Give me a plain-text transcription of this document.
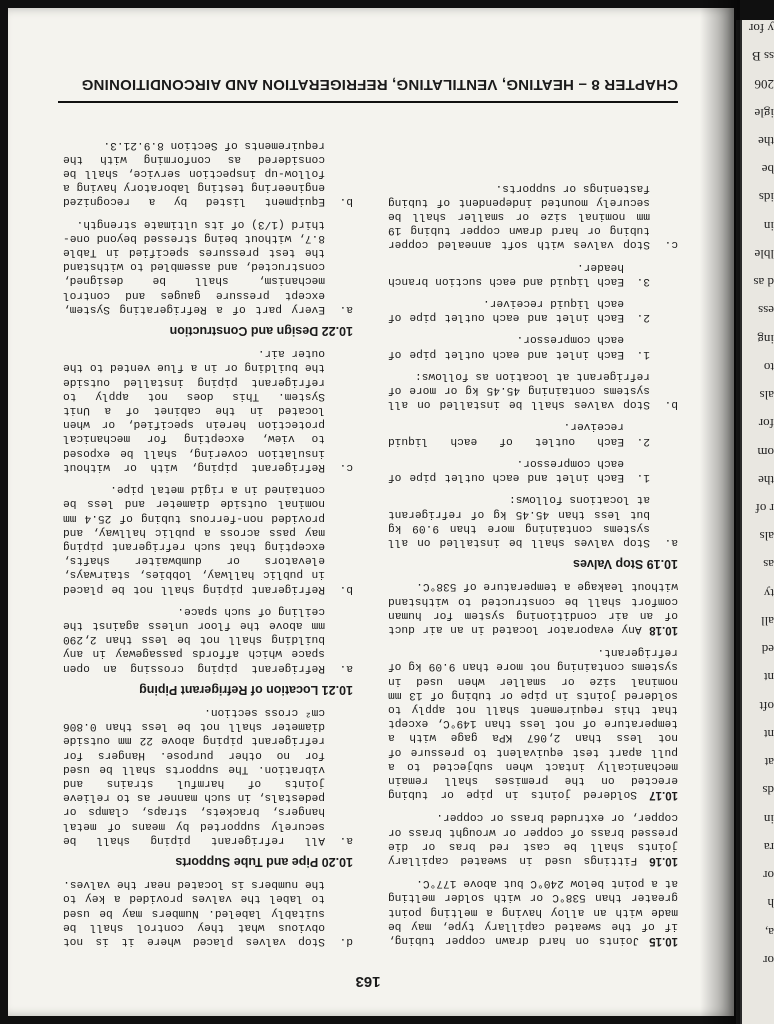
163

10.15 Joints on hard drawn copper tubing, if of the sweated capillary type, may be made with an alloy having a melting point greater than 538°C or with solder melting at a point below 240°C but above 177°C.

10.16 Fittings used in sweated capillary joints shall be cast red bras or die pressed brass of copper or wrought brass or copper, or extruded brass or copper.

10.17 Soldered joints in pipe or tubing erected on the premises shall remain mechanically intact when subjected to a pull apart test equivalent to pressure of not less than 2,067 KPa gage with a temperature of not less than 149°C, except that this requirement shall not apply to soldered joints in pipe or tubing of 13 mm nominal size or smaller when used in systems containing not more than 9.09 kg of refrigerant.

10.18 Any evaporator located in an air duct of an air conditioning system for human comfort shall be constructed to withstand without leakage a temperature of 538°C.

10.19 Stop Valves
a.
Stop valves shall be installed on all systems containing more than 9.09 kg but less than 45.45 kg of refrigerant at locations follows:
1.
Each inlet and each outlet pipe of each compressor.
2.
Each outlet of each liquid receiver.
b.
Stop valves shall be installed on all systems containing 45.45 kg or more of refrigerant at location as follows:
1.
Each inlet and each outlet pipe of each compressor.
2.
Each inlet and each outlet pipe of each liquid receiver.
3.
Each liquid and each suction branch header.
c.
Stop valves with soft annealed copper tubing or hard drawn copper tubing 19 mm nominal size or smaller shall be securely mounted independent of tubing fastenings or supports.
d.
Stop valves placed where it is not obvious what they control shall be suitably labeled. Numbers may be used to label the valves provided a key to the numbers is located near the valves.
10.20 Pipe and Tube Supports
a.
All refrigerant piping shall be securely supported by means of metal hangers, brackets, straps, clamps or pedestals, in such manner as to relieve joints of harmful strains and vibration. The supports shall be used for no other purpose. Hangers for refrigerant piping above 22 mm outside diameter shall not be less than 0.806 cm² cross section.
10.21 Location of Refrigerant Piping
a.
Refrigerant piping crossing an open space which affords passageway in any building shall not be less than 2,290 mm above the floor unless against the ceiling of such space.
b.
Refrigerant piping shall not be placed in public hallway, lobbies, stairways, elevators or dumbwaiter shafts, excepting that such refrigerant piping may pass across a public hallway, and provided non-ferrous tubing of 25.4 mm nominal outside diameter and less be contained in a rigid metal pipe.
c.
Refrigerant piping, with or without insulation covering, shall be exposed to view, excepting for mechanical protection herein specified, or when located in the cabinet of a Unit System. This does not apply to refrigerant piping installed outside the building or in a flue vented to the outer air.
10.22 Design and Construction
a.
Every part of a Refrigerating System, except pressure gauges and control mechanism, shall be designed, constructed, and assembled to withstand the test pressures specified in Table 8.7, without being stressed beyond one-third (1/3) of its ultimate strength.
b.
Equipment listed by a recognized engineering testing laboratory having a follow-up inspection service, shall be considered as conforming with the requirements of Section 8.9.21.3.
CHAPTER 8 – HEATING, VENTILATING, REFRIGERATION AND AIRCONDITIONING
y for
ss B
206
igle
the
be
ids
in
lble
d as
ess
ing
to
als
for
om
the
r of
als
as
ty
all
ed
nt
oft
nt
at
ds
in
ra
or
h
a,
or
